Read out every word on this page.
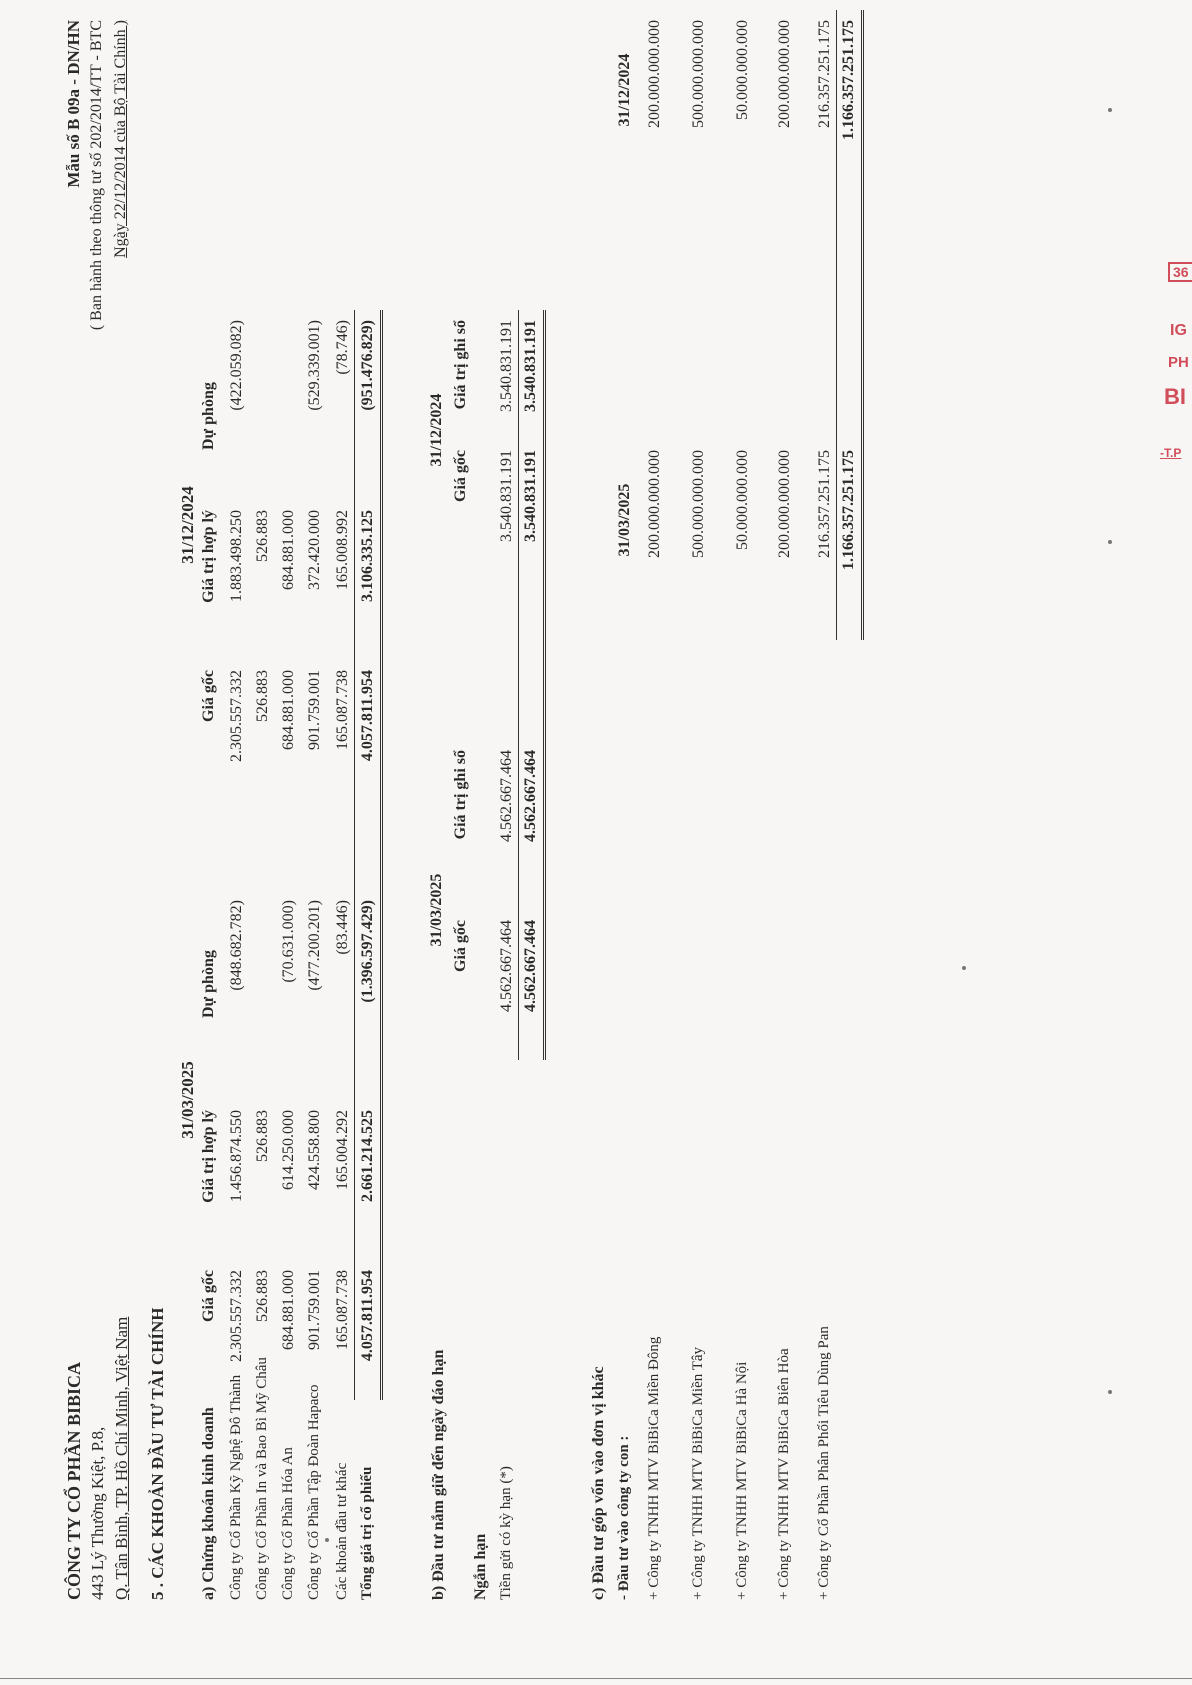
CÔNG TY CỔ PHẦN BIBICA 443 Lý Thường Kiệt, P.8, Q. Tân Bình, TP. Hồ Chí Minh, Việt Nam
Mẫu số B 09a - DN/HN ( Ban hành theo thông tư số 202/2014/TT - BTC Ngày 22/12/2014 của Bộ Tài Chính )
5 . CÁC KHOẢN ĐẦU TƯ TÀI CHÍNH
31/03/2025
31/12/2024
a) Chứng khoán kinh doanh
Giá gốc
Giá trị hợp lý
Dự phòng
Giá gốc
Giá trị hợp lý
Dự phòng
Công ty Cổ Phần Kỹ Nghệ Đô Thành
2.305.557.332
1.456.874.550
(848.682.782)
2.305.557.332
1.883.498.250
(422.059.082)
Công ty Cổ Phần In và Bao Bì Mỹ Châu
526.883
526.883
526.883
526.883
Công ty Cổ Phần Hóa An
684.881.000
614.250.000
(70.631.000)
684.881.000
684.881.000
Công ty Cổ Phần Tập Đoàn Hapaco
901.759.001
424.558.800
(477.200.201)
901.759.001
372.420.000
(529.339.001)
Các khoản đầu tư khác
165.087.738
165.004.292
(83.446)
165.087.738
165.008.992
(78.746)
Tổng giá trị cổ phiếu
4.057.811.954
2.661.214.525
(1.396.597.429)
4.057.811.954
3.106.335.125
(951.476.829)
b) Đầu tư nắm giữ đến ngày đáo hạn
31/03/2025
31/12/2024
Giá gốc
Giá trị ghi sổ
Giá gốc
Giá trị ghi sổ
Ngắn hạn Tiền gửi có kỳ hạn (*)
4.562.667.464
4.562.667.464
3.540.831.191
3.540.831.191
4.562.667.464
4.562.667.464
3.540.831.191
3.540.831.191
c) Đầu tư góp vốn vào đơn vị khác - Đầu tư vào công ty con :
31/03/2025
31/12/2024
+ Công ty TNHH MTV BiBiCa Miền Đông
200.000.000.000
200.000.000.000
+ Công ty TNHH MTV BiBiCa Miền Tây
500.000.000.000
500.000.000.000
+ Công ty TNHH MTV BiBiCa Hà Nội
50.000.000.000
50.000.000.000
+ Công ty TNHH MTV BiBiCa Biên Hòa
200.000.000.000
200.000.000.000
+ Công ty Cổ Phần Phân Phối Tiêu Dùng Pan
216.357.251.175
216.357.251.175
1.166.357.251.175
1.166.357.251.175
36
IG
PH
BI
-T.P
